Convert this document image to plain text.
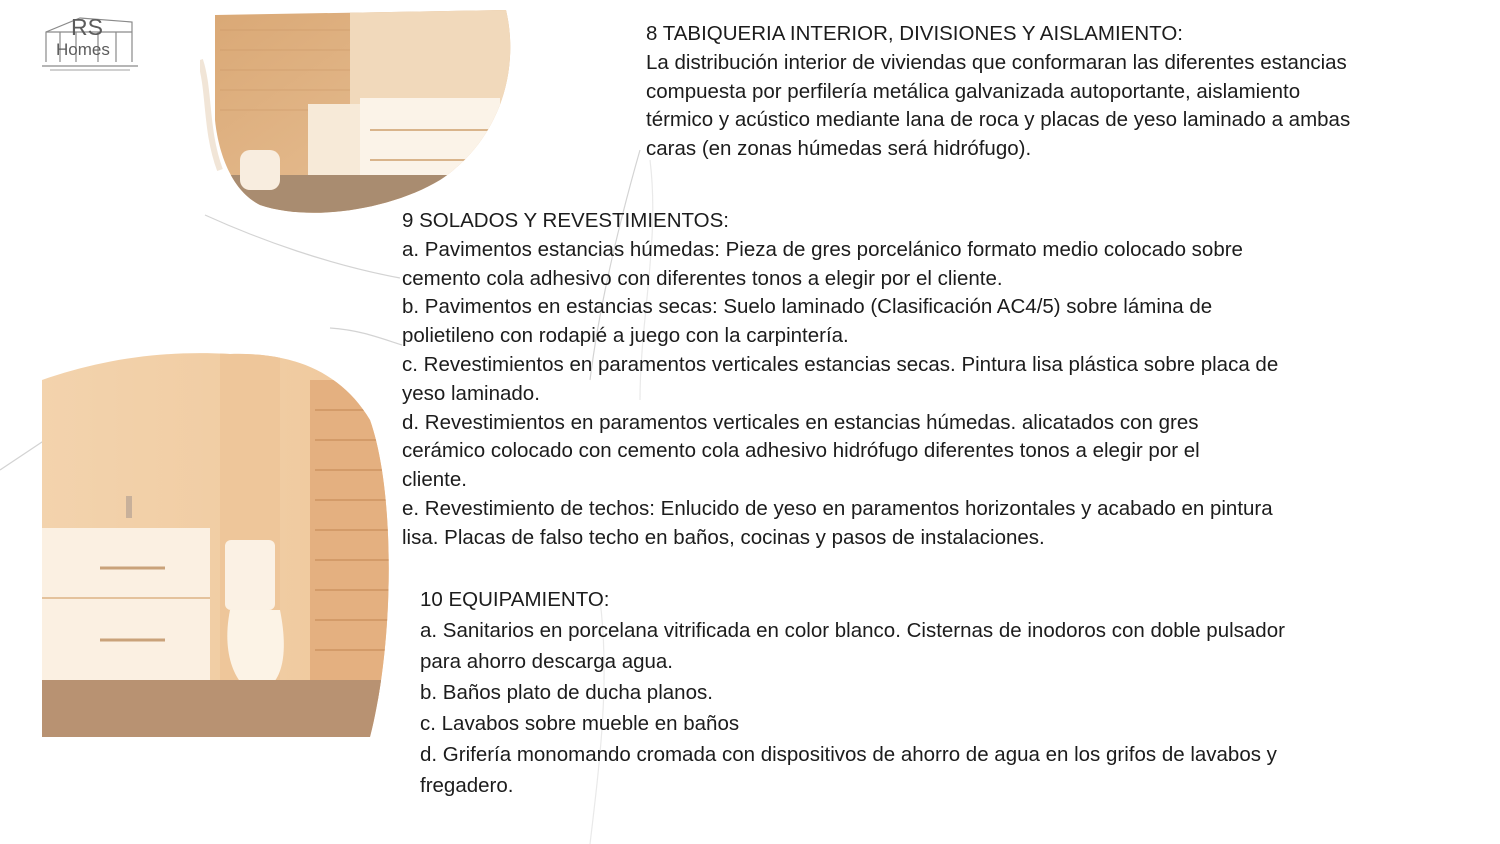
RS
Homes

8 TABIQUERIA INTERIOR, DIVISIONES Y AISLAMIENTO:

La distribución interior de viviendas que conformaran las diferentes estancias

compuesta por perfilería metálica galvanizada autoportante, aislamiento

térmico y acústico mediante lana de roca y placas de yeso laminado a ambas

caras (en zonas húmedas será hidrófugo).

9 SOLADOS Y REVESTIMIENTOS:

a. Pavimentos estancias húmedas: Pieza de gres porcelánico formato medio colocado sobre

cemento cola adhesivo con diferentes tonos a elegir por el cliente.

b. Pavimentos en estancias secas: Suelo laminado (Clasificación AC4/5) sobre lámina de

polietileno con rodapié a juego con la carpintería.

c. Revestimientos en paramentos verticales estancias secas. Pintura lisa plástica sobre placa de

yeso laminado.

d. Revestimientos en paramentos verticales en estancias húmedas. alicatados con gres

cerámico colocado con cemento cola adhesivo hidrófugo diferentes tonos a elegir por el

cliente.

e. Revestimiento de techos: Enlucido de yeso en paramentos horizontales y acabado en pintura

lisa. Placas de falso techo en baños, cocinas y pasos de instalaciones.

10 EQUIPAMIENTO:

a. Sanitarios en porcelana vitrificada en color blanco. Cisternas de inodoros con doble pulsador

para ahorro descarga agua.

b. Baños plato de ducha planos.

c. Lavabos sobre mueble en baños

d. Grifería monomando cromada con dispositivos de ahorro de agua en los grifos de lavabos y

fregadero.
